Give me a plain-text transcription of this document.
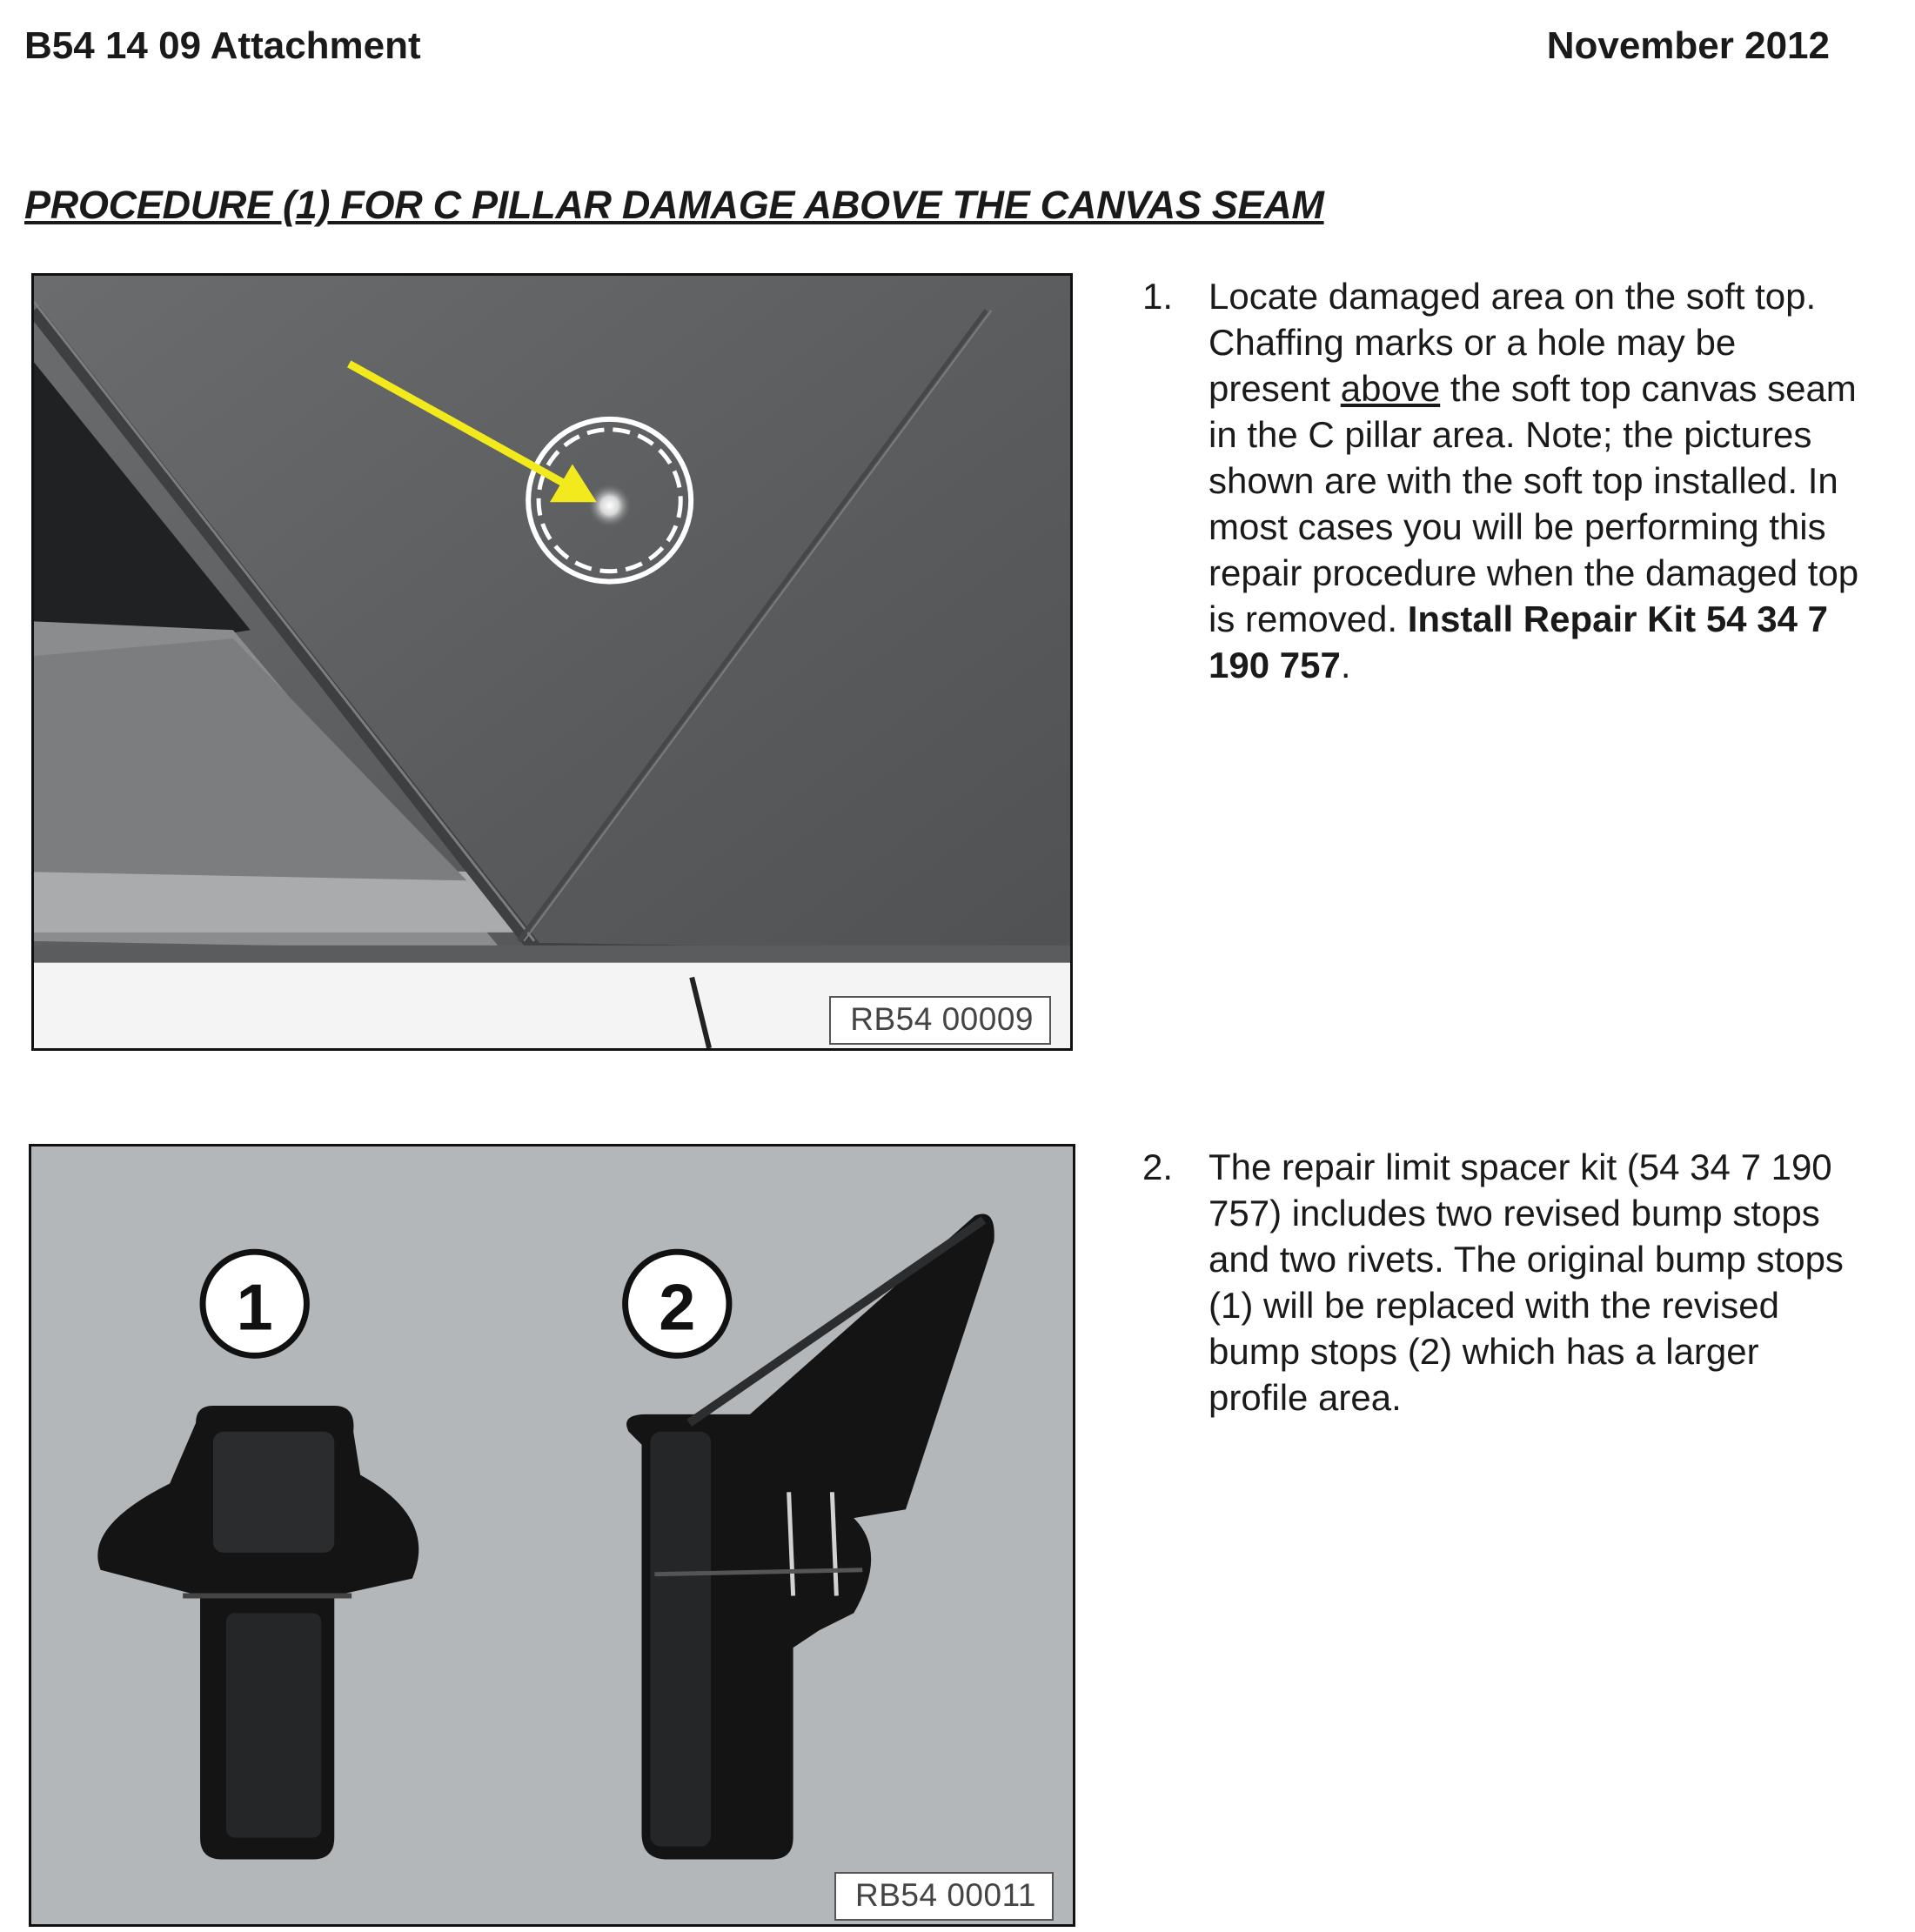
B54 14 09 Attachment	November 2012
PROCEDURE (1) FOR C PILLAR DAMAGE ABOVE THE CANVAS SEAM
RB54 00009
1. Locate damaged area on the soft top. Chaffing marks or a hole may be present above the soft top canvas seam in the C pillar area. Note; the pictures shown are with the soft top installed. In most cases you will be performing this repair procedure when the damaged top is removed. Install Repair Kit 54 34 7 190 757.
1	2
RB54 00011
2. The repair limit spacer kit (54 34 7 190 757) includes two revised bump stops and two rivets. The original bump stops (1) will be replaced with the revised bump stops (2) which has a larger profile area.
